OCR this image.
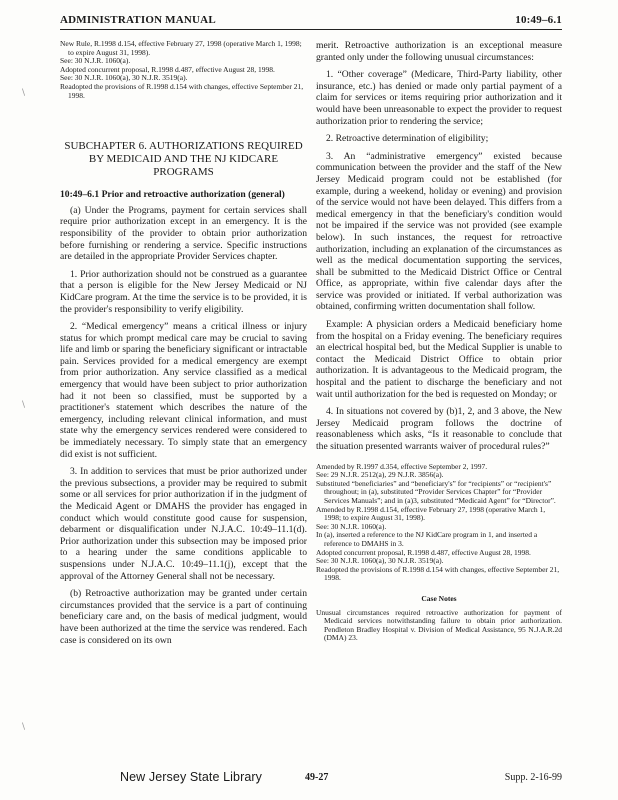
ADMINISTRATION MANUAL	10:49–6.1
\
\
\

New Rule, R.1998 d.154, effective February 27, 1998 (operative March 1, 1998; to expire August 31, 1998).

See: 30 N.J.R. 1060(a).

Adopted concurrent proposal, R.1998 d.487, effective August 28, 1998.

See: 30 N.J.R. 1060(a), 30 N.J.R. 3519(a).

Readopted the provisions of R.1998 d.154 with changes, effective September 21, 1998.

SUBCHAPTER 6. AUTHORIZATIONS REQUIRED BY MEDICAID AND THE NJ KIDCARE PROGRAMS

10:49–6.1 Prior and retroactive authorization (general)

(a) Under the Programs, payment for certain services shall require prior authorization except in an emergency. It is the responsibility of the provider to obtain prior authorization before furnishing or rendering a service. Specific instructions are detailed in the appropriate Provider Services chapter.

1. Prior authorization should not be construed as a guarantee that a person is eligible for the New Jersey Medicaid or NJ KidCare program. At the time the service is to be provided, it is the provider's responsibility to verify eligibility.

2. “Medical emergency” means a critical illness or injury status for which prompt medical care may be crucial to saving life and limb or sparing the beneficiary significant or intractable pain. Services provided for a medical emergency are exempt from prior authorization. Any service classified as a medical emergency that would have been subject to prior authorization had it not been so classified, must be supported by a practitioner's statement which describes the nature of the emergency, including relevant clinical information, and must state why the emergency services rendered were considered to be immediately necessary. To simply state that an emergency did exist is not sufficient.

3. In addition to services that must be prior authorized under the previous subsections, a provider may be required to submit some or all services for prior authorization if in the judgment of the Medicaid Agent or DMAHS the provider has engaged in conduct which would constitute good cause for suspension, debarment or disqualification under N.J.A.C. 10:49–11.1(d). Prior authorization under this subsection may be imposed prior to a hearing under the same conditions applicable to suspensions under N.J.A.C. 10:49–11.1(j), except that the approval of the Attorney General shall not be necessary.

(b) Retroactive authorization may be granted under certain circumstances provided that the service is a part of continuing beneficiary care and, on the basis of medical judgment, would have been authorized at the time the service was rendered. Each case is considered on its own

merit. Retroactive authorization is an exceptional measure granted only under the following unusual circumstances:

1. “Other coverage” (Medicare, Third-Party liability, other insurance, etc.) has denied or made only partial payment of a claim for services or items requiring prior authorization and it would have been unreasonable to expect the provider to request authorization prior to rendering the service;

2. Retroactive determination of eligibility;

3. An “administrative emergency” existed because communication between the provider and the staff of the New Jersey Medicaid program could not be established (for example, during a weekend, holiday or evening) and provision of the service would not have been delayed. This differs from a medical emergency in that the beneficiary's condition would not be impaired if the service was not provided (see example below). In such instances, the request for retroactive authorization, including an explanation of the circumstances as well as the medical documentation supporting the services, shall be submitted to the Medicaid District Office or Central Office, as appropriate, within five calendar days after the service was provided or initiated. If verbal authorization was obtained, confirming written documentation shall follow.

Example: A physician orders a Medicaid beneficiary home from the hospital on a Friday evening. The beneficiary requires an electrical hospital bed, but the Medical Supplier is unable to contact the Medicaid District Office to obtain prior authorization. It is advantageous to the Medicaid program, the hospital and the patient to discharge the beneficiary and not wait until authorization for the bed is requested on Monday; or

4. In situations not covered by (b)1, 2, and 3 above, the New Jersey Medicaid program follows the doctrine of reasonableness which asks, “Is it reasonable to conclude that the situation presented warrants waiver of procedural rules?”

Amended by R.1997 d.354, effective September 2, 1997.

See: 29 N.J.R. 2512(a), 29 N.J.R. 3856(a).

Substituted “beneficiaries” and “beneficiary's” for “recipients” or “recipient's” throughout; in (a), substituted “Provider Services Chapter” for “Provider Services Manuals”; and in (a)3, substituted “Medicaid Agent” for “Director”.

Amended by R.1998 d.154, effective February 27, 1998 (operative March 1, 1998; to expire August 31, 1998).

See: 30 N.J.R. 1060(a).

In (a), inserted a reference to the NJ KidCare program in 1, and inserted a reference to DMAHS in 3.

Adopted concurrent proposal, R.1998 d.487, effective August 28, 1998.

See: 30 N.J.R. 1060(a), 30 N.J.R. 3519(a).

Readopted the provisions of R.1998 d.154 with changes, effective September 21, 1998.

Case Notes

Unusual circumstances required retroactive authorization for payment of Medicaid services notwithstanding failure to obtain prior authorization. Pendleton Bradley Hospital v. Division of Medical Assistance, 95 N.J.A.R.2d (DMA) 23.

New Jersey State Library	49-27	Supp. 2-16-99
